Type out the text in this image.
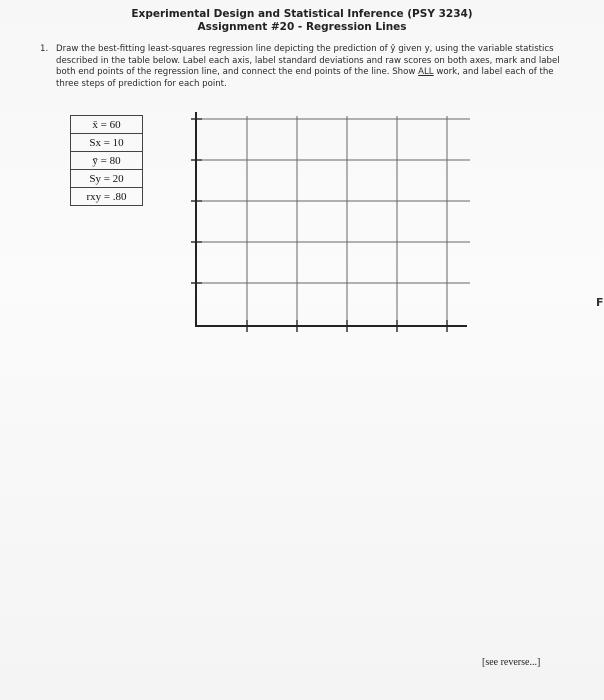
Experimental Design and Statistical Inference (PSY 3234)
Assignment #20 - Regression Lines
1. Draw the best-fitting least-squares regression line depicting the prediction of ŷ given y, using the variable statistics described in the table below. Label each axis, label standard deviations and raw scores on both axes, mark and label both end points of the regression line, and connect the end points of the line. Show ALL work, and label each of the three steps of prediction for each point.
x̄ = 60
Sx = 10
ȳ = 80
Sy = 20
rxy = .80
[see reverse...]
F
